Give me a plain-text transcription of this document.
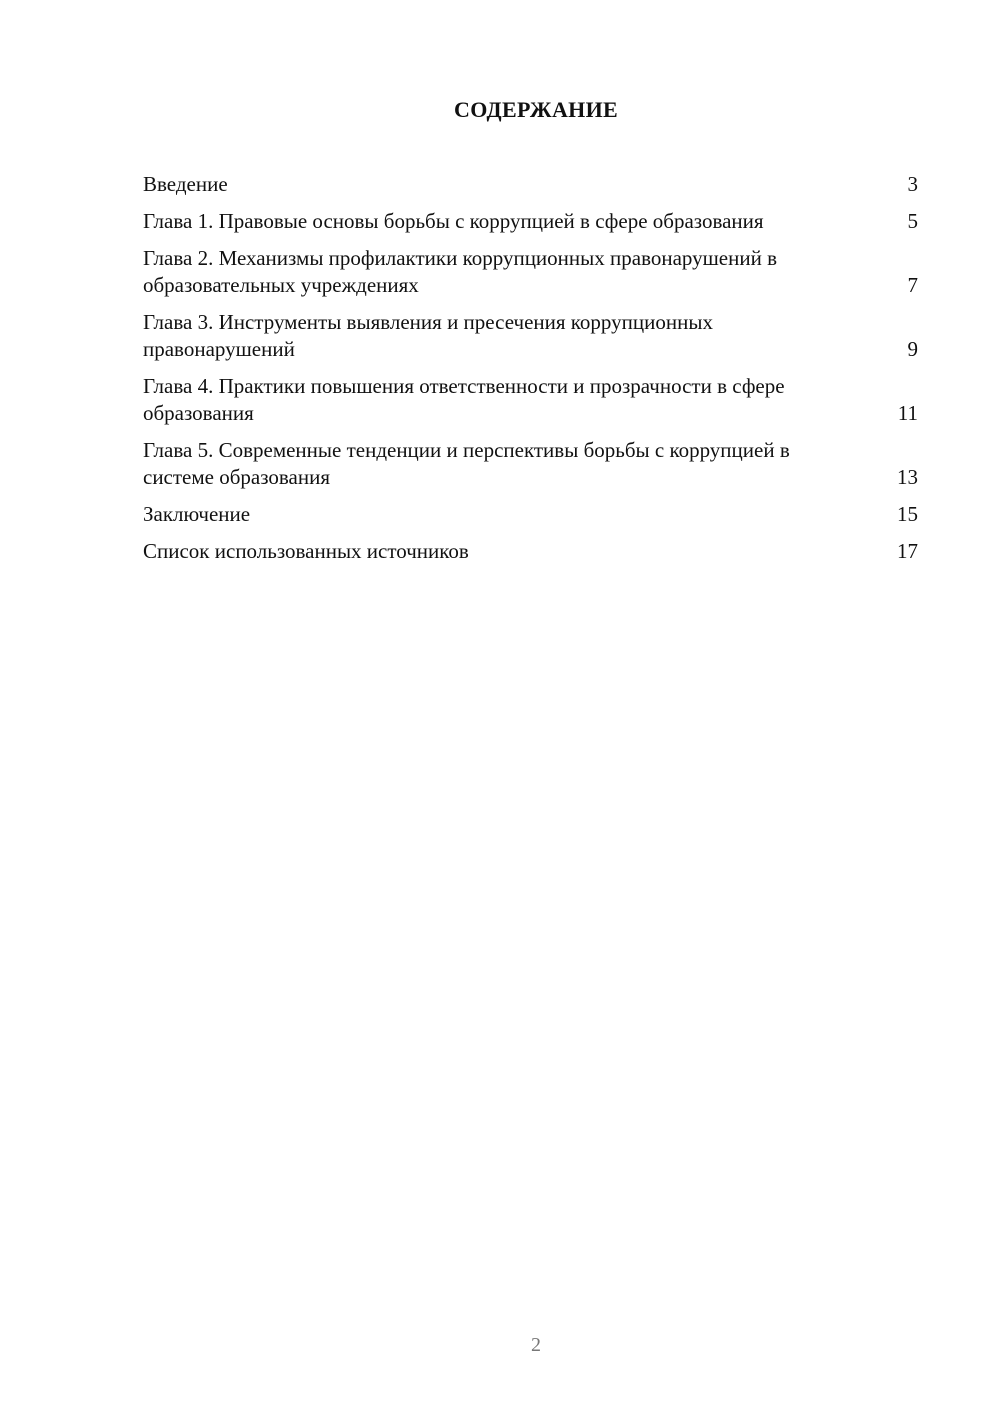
СОДЕРЖАНИЕ
Введение	3
Глава 1. Правовые основы борьбы с коррупцией в сфере образования	5
Глава 2. Механизмы профилактики коррупционных правонарушений в образовательных учреждениях	7
Глава 3. Инструменты выявления и пресечения коррупционных правонарушений	9
Глава 4. Практики повышения ответственности и прозрачности в сфере образования	11
Глава 5. Современные тенденции и перспективы борьбы с коррупцией в системе образования	13
Заключение	15
Список использованных источников	17
2
